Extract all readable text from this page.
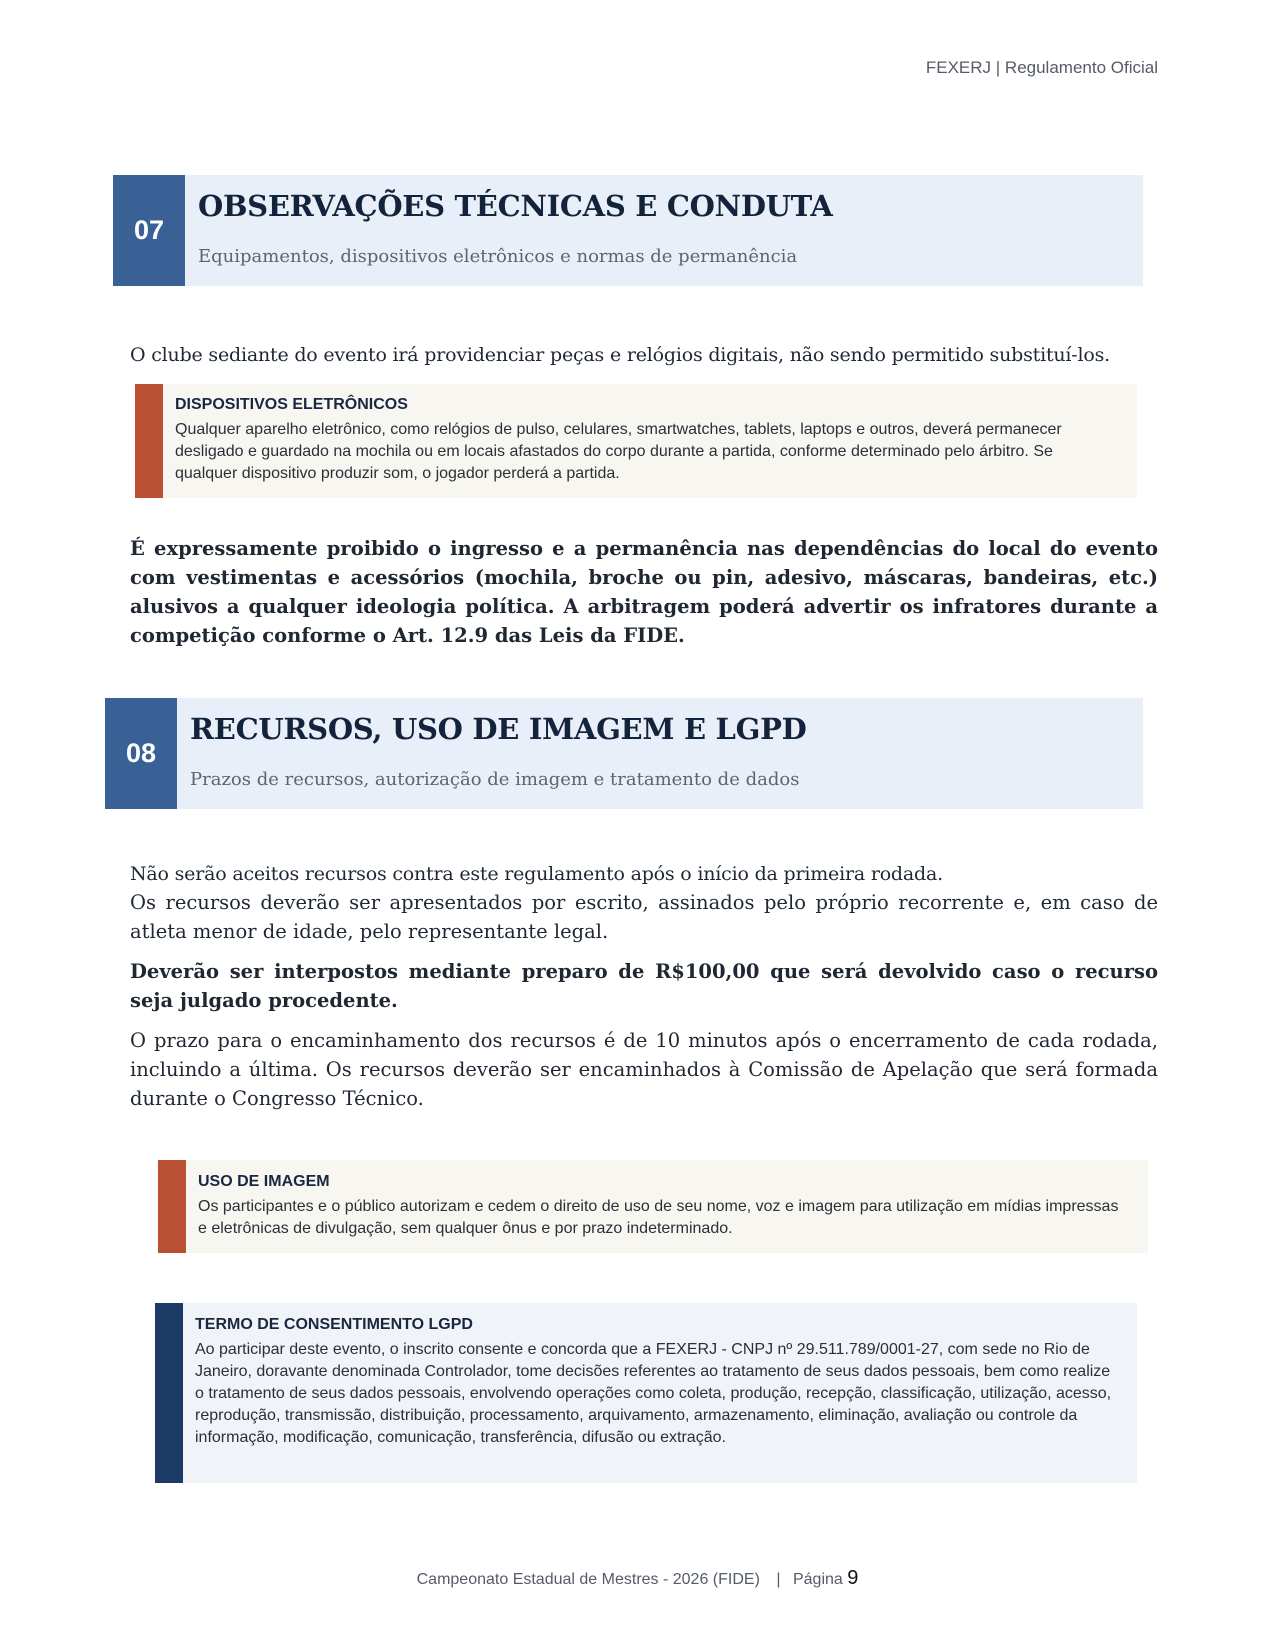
FEXERJ | Regulamento Oficial
07
OBSERVAÇÕES TÉCNICAS E CONDUTA
Equipamentos, dispositivos eletrônicos e normas de permanência

O clube sediante do evento irá providenciar peças e relógios digitais, não sendo permitido substituí-los.

DISPOSITIVOS ELETRÔNICOS

Qualquer aparelho eletrônico, como relógios de pulso, celulares, smartwatches, tablets, laptops e outros, deverá permanecer desligado e guardado na mochila ou em locais afastados do corpo durante a partida, conforme determinado pelo árbitro. Se qualquer dispositivo produzir som, o jogador perderá a partida.

É expressamente proibido o ingresso e a permanência nas dependências do local do evento com vestimentas e acessórios (mochila, broche ou pin, adesivo, máscaras, bandeiras, etc.) alusivos a qualquer ideologia política. A arbitragem poderá advertir os infratores durante a competição conforme o Art. 12.9 das Leis da FIDE.

08
RECURSOS, USO DE IMAGEM E LGPD
Prazos de recursos, autorização de imagem e tratamento de dados

Não serão aceitos recursos contra este regulamento após o início da primeira rodada.

Os recursos deverão ser apresentados por escrito, assinados pelo próprio recorrente e, em caso de atleta menor de idade, pelo representante legal.

Deverão ser interpostos mediante preparo de R$100,00 que será devolvido caso o recurso seja julgado procedente.

O prazo para o encaminhamento dos recursos é de 10 minutos após o encerramento de cada rodada, incluindo a última. Os recursos deverão ser encaminhados à Comissão de Apelação que será formada durante o Congresso Técnico.

USO DE IMAGEM

Os participantes e o público autorizam e cedem o direito de uso de seu nome, voz e imagem para utilização em mídias impressas e eletrônicas de divulgação, sem qualquer ônus e por prazo indeterminado.

TERMO DE CONSENTIMENTO LGPD

Ao participar deste evento, o inscrito consente e concorda que a FEXERJ - CNPJ nº 29.511.789/0001-27, com sede no Rio de Janeiro, doravante denominada Controlador, tome decisões referentes ao tratamento de seus dados pessoais, bem como realize o tratamento de seus dados pessoais, envolvendo operações como coleta, produção, recepção, classificação, utilização, acesso, reprodução, transmissão, distribuição, processamento, arquivamento, armazenamento, eliminação, avaliação ou controle da informação, modificação, comunicação, transferência, difusão ou extração.

Campeonato Estadual de Mestres - 2026 (FIDE) | Página 9
